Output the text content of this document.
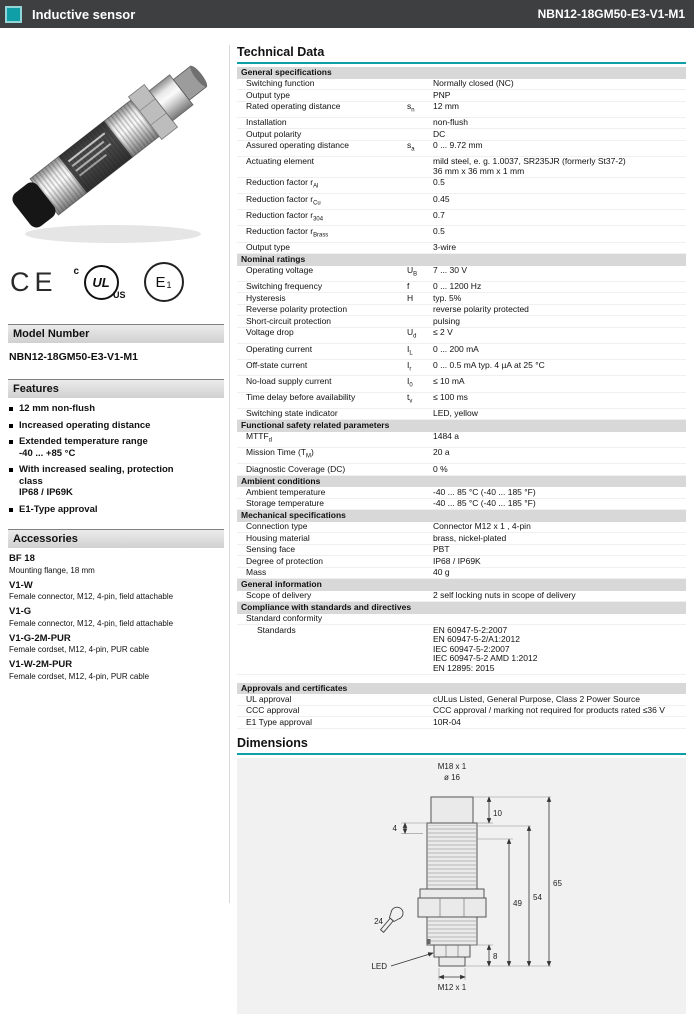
Inductive sensor	NBN12-18GM50-E3-V1-M1
CE c
UL
US
E 1
Model Number
NBN12-18GM50-E3-V1-M1
Features
12 mm non-flush
Increased operating distance
Extended temperature range
-40 ... +85 °C
With increased sealing, protection
class
IP68 / IP69K
E1-Type approval
Accessories
BF 18
Mounting flange, 18 mm
V1-W
Female connector, M12, 4-pin, field attachable
V1-G
Female connector, M12, 4-pin, field attachable
V1-G-2M-PUR
Female cordset, M12, 4-pin, PUR cable
V1-W-2M-PUR
Female cordset, M12, 4-pin, PUR cable
Technical Data
General specifications
Switching function	Normally closed (NC)
Output type	PNP
Rated operating distance	$s_n$	12 mm
Installation	non-flush
Output polarity	DC
Assured operating distance	$s_a$	0 ... 9.72 mm
Actuating element	mild steel, e. g. 1.0037, SR235JR (formerly St37-2)
36 mm x 36 mm x 1 mm
Reduction factor $r_{Al}$	0.5
Reduction factor $r_{Cu}$	0.45
Reduction factor $r_{304}$	0.7
Reduction factor $r_{Brass}$	0.5
Output type	3-wire
Nominal ratings
Operating voltage	$U_B$	7 ... 30 V
Switching frequency	f	0 ... 1200 Hz
Hysteresis	H	typ. 5%
Reverse polarity protection	reverse polarity protected
Short-circuit protection	pulsing
Voltage drop	$U_d$	≤ 2 V
Operating current	$I_L$	0 ... 200 mA
Off-state current	$I_r$	0 ... 0.5 mA typ. 4 µA at 25 °C
No-load supply current	$I_0$	≤ 10 mA
Time delay before availability	$t_v$	≤ 100 ms
Switching state indicator	LED, yellow
Functional safety related parameters
$MTTF_d$	1484 a
Mission Time $(T_M)$	20 a
Diagnostic Coverage (DC)	0 %
Ambient conditions
Ambient temperature	-40 ... 85 °C (-40 ... 185 °F)
Storage temperature	-40 ... 85 °C (-40 ... 185 °F)
Mechanical specifications
Connection type	Connector M12 x 1 , 4-pin
Housing material	brass, nickel-plated
Sensing face	PBT
Degree of protection	IP68 / IP69K
Mass	40 g
General information
Scope of delivery	2 self locking nuts in scope of delivery
Compliance with standards and directives
Standard conformity
Standards	EN 60947-5-2:2007
EN 60947-5-2/A1:2012
IEC 60947-5-2:2007
IEC 60947-5-2 AMD 1:2012
EN 12895: 2015
Approvals and certificates
UL approval	cULus Listed, General Purpose, Class 2 Power Source
CCC approval	CCC approval / marking not required for products rated ≤36 V
E1 Type approval	10R-04
Dimensions
M18 x 1
ø 16
10
49
54
65
4
24
LED
8
M12 x 1
